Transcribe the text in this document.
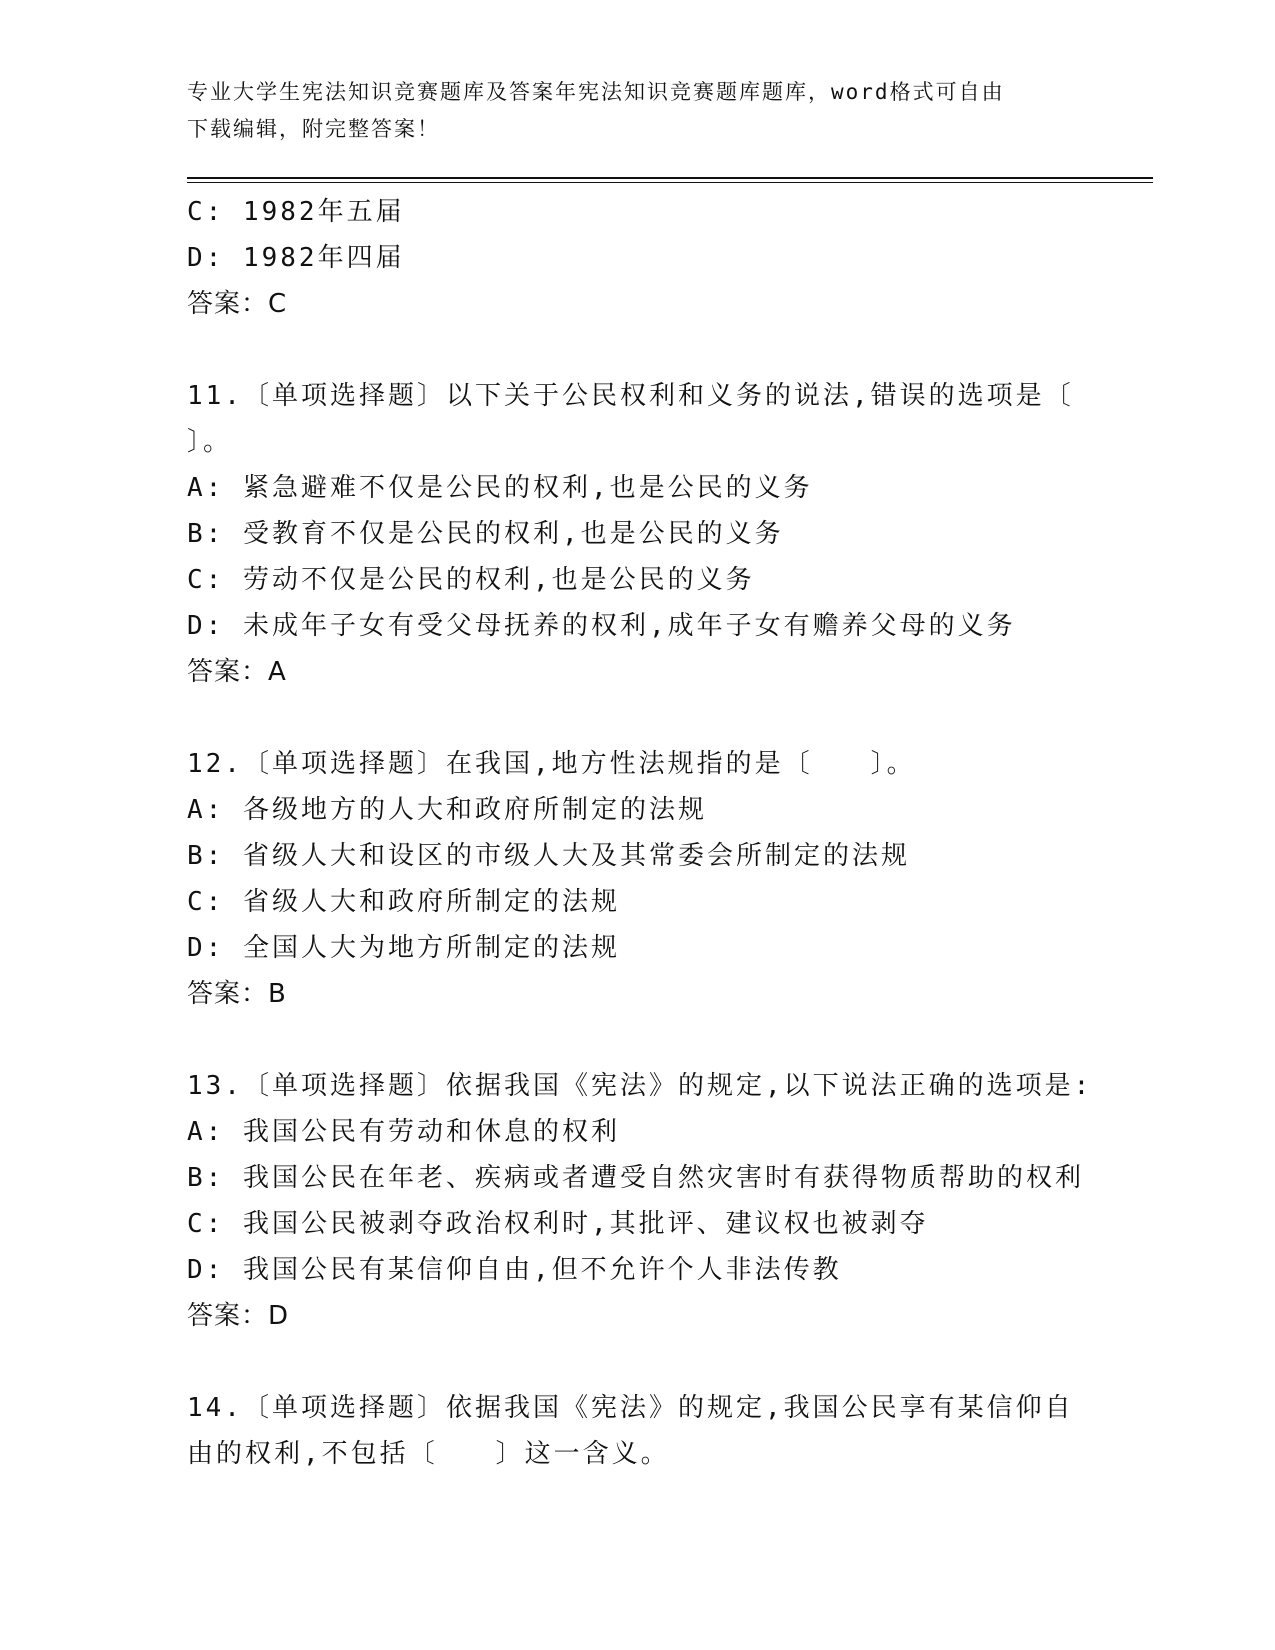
专业大学生宪法知识竞赛题库及答案年宪法知识竞赛题库题库，word格式可自由
下载编辑，附完整答案！
C: 1982年五届
D: 1982年四届
答案：C
11.〔单项选择题〕以下关于公民权利和义务的说法,错误的选项是〔
〕。
A: 紧急避难不仅是公民的权利,也是公民的义务
B: 受教育不仅是公民的权利,也是公民的义务
C: 劳动不仅是公民的权利,也是公民的义务
D: 未成年子女有受父母抚养的权利,成年子女有赡养父母的义务
答案：A
12.〔单项选择题〕在我国,地方性法规指的是〔　　〕。
A: 各级地方的人大和政府所制定的法规
B: 省级人大和设区的市级人大及其常委会所制定的法规
C: 省级人大和政府所制定的法规
D: 全国人大为地方所制定的法规
答案：B
13.〔单项选择题〕依据我国《宪法》的规定,以下说法正确的选项是:
A: 我国公民有劳动和休息的权利
B: 我国公民在年老、疾病或者遭受自然灾害时有获得物质帮助的权利
C: 我国公民被剥夺政治权利时,其批评、建议权也被剥夺
D: 我国公民有某信仰自由,但不允许个人非法传教
答案：D
14.〔单项选择题〕依据我国《宪法》的规定,我国公民享有某信仰自
由的权利,不包括〔　　〕这一含义。
